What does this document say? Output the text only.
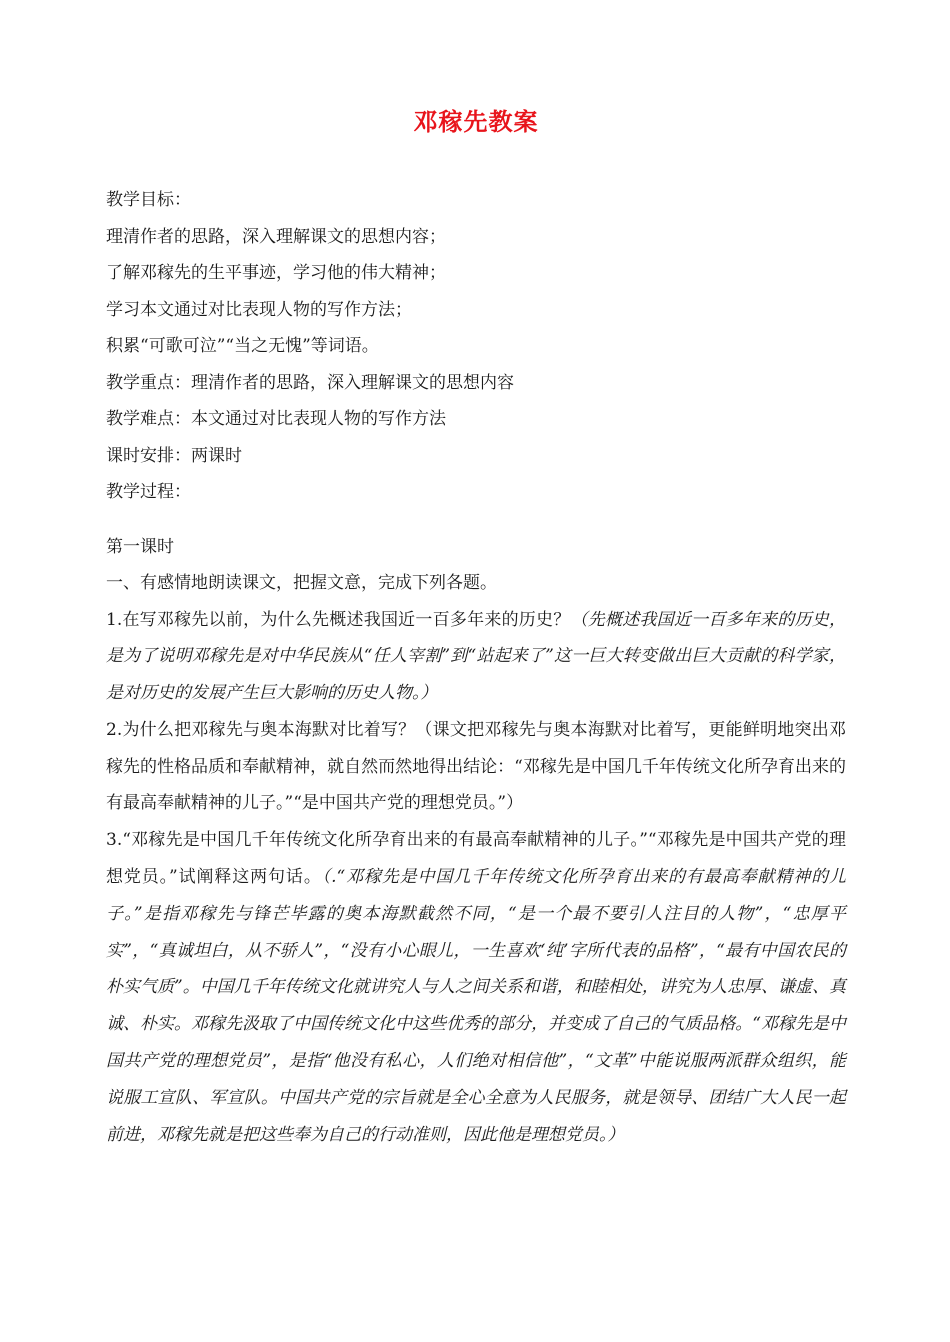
邓稼先教案

教学目标：

理清作者的思路，深入理解课文的思想内容；

了解邓稼先的生平事迹，学习他的伟大精神；

学习本文通过对比表现人物的写作方法；

积累“可歌可泣”“当之无愧”等词语。

教学重点：理清作者的思路，深入理解课文的思想内容

教学难点：本文通过对比表现人物的写作方法

课时安排：两课时

教学过程：

第一课时

一、有感情地朗读课文，把握文意，完成下列各题。

1.在写邓稼先以前，为什么先概述我国近一百多年来的历史？（先概述我国近一百多年来的历史，是为了说明邓稼先是对中华民族从“任人宰割”到“站起来了”这一巨大转变做出巨大贡献的科学家，是对历史的发展产生巨大影响的历史人物。）

2.为什么把邓稼先与奥本海默对比着写？（课文把邓稼先与奥本海默对比着写，更能鲜明地突出邓稼先的性格品质和奉献精神，就自然而然地得出结论：“邓稼先是中国几千年传统文化所孕育出来的有最高奉献精神的儿子。”“是中国共产党的理想党员。”）

3.“邓稼先是中国几千年传统文化所孕育出来的有最高奉献精神的儿子。”“邓稼先是中国共产党的理想党员。”试阐释这两句话。（.“邓稼先是中国几千年传统文化所孕育出来的有最高奉献精神的儿子。”是指邓稼先与锋芒毕露的奥本海默截然不同，“是一个最不要引人注目的人物”，“忠厚平实”，“真诚坦白，从不骄人”，“没有小心眼儿，一生喜欢‘纯’字所代表的品格”，“最有中国农民的朴实气质”。中国几千年传统文化就讲究人与人之间关系和谐，和睦相处，讲究为人忠厚、谦虚、真诚、朴实。邓稼先汲取了中国传统文化中这些优秀的部分，并变成了自己的气质品格。“邓稼先是中国共产党的理想党员”，是指“他没有私心，人们绝对相信他”，“文革”中能说服两派群众组织，能说服工宣队、军宣队。中国共产党的宗旨就是全心全意为人民服务，就是领导、团结广大人民一起前进，邓稼先就是把这些奉为自己的行动准则，因此他是理想党员。）
